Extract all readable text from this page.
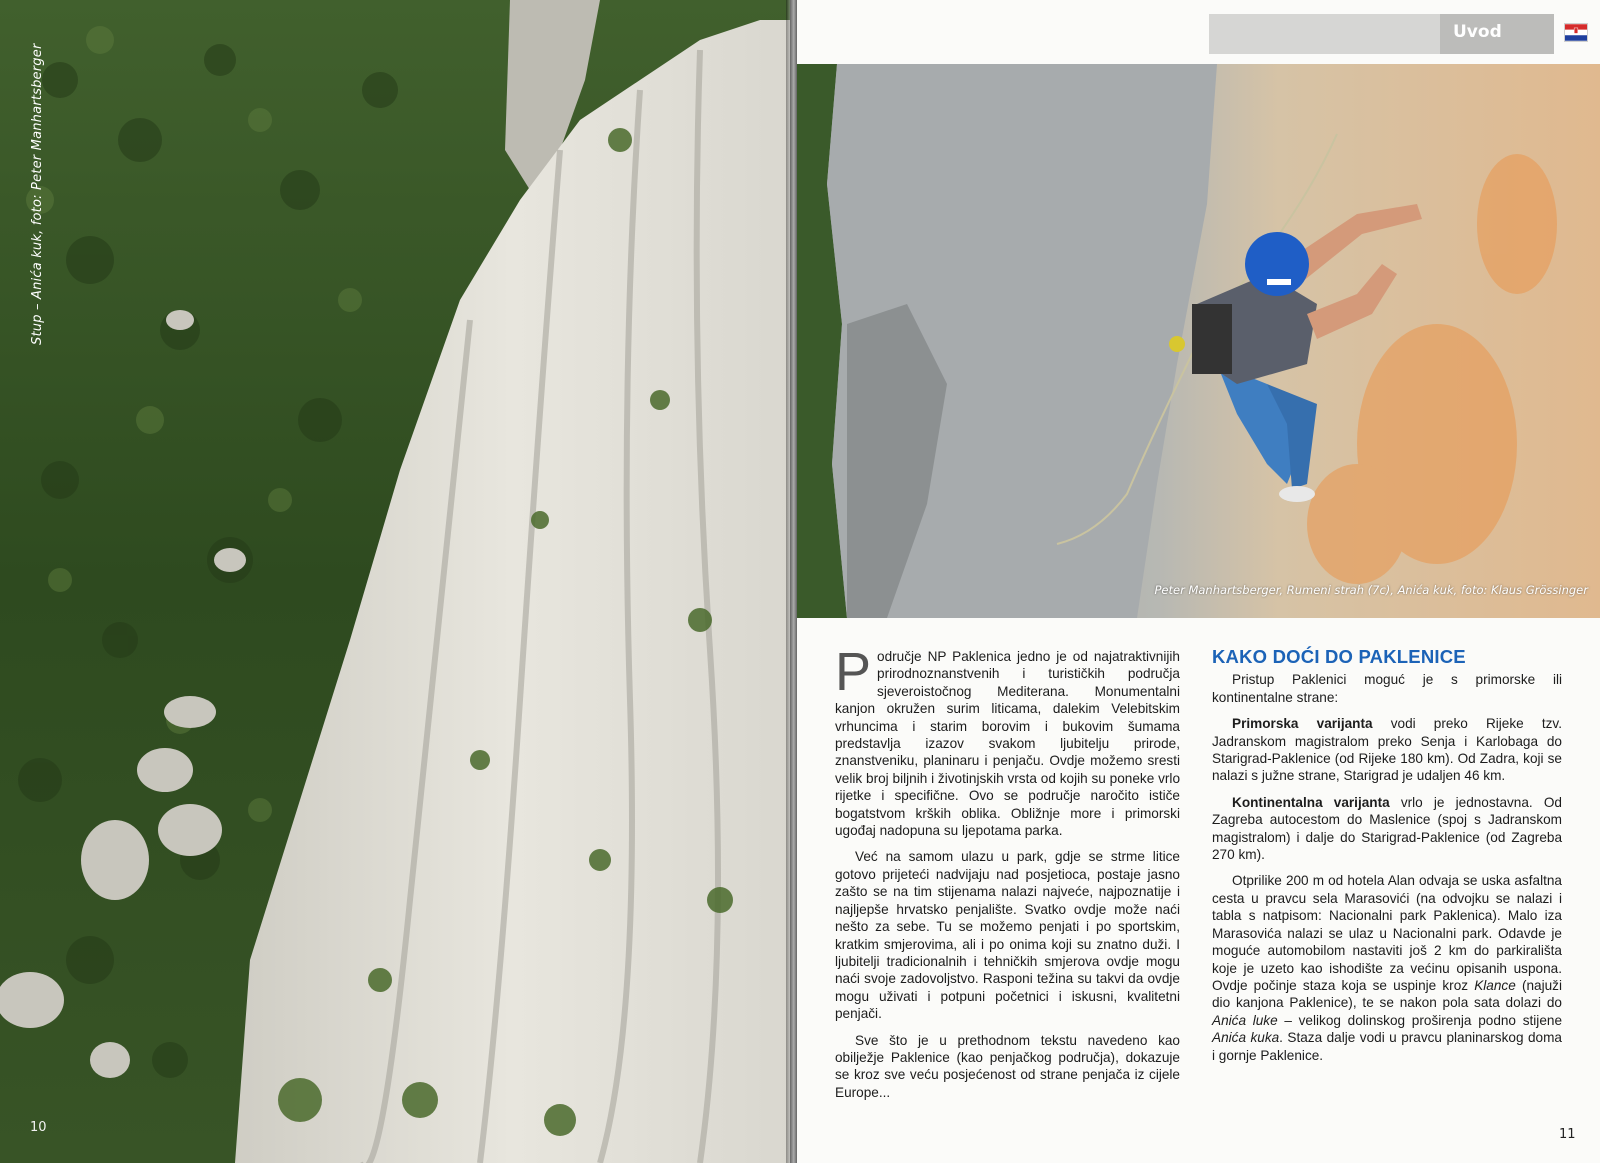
Stup – Anića kuk, foto: Peter Manhartsberger
10
Uvod
Peter Manhartsberger, Rumeni strah (7c), Anića kuk, foto: Klaus Grössinger

Područje NP Paklenica jedno je od najatraktivnijih prirodnoznanstvenih i turističkih područja sjeveroistočnog Mediterana. Monumentalni kanjon okružen surim liticama, dalekim Velebitskim vrhuncima i starim borovim i bukovim šumama predstavlja izazov svakom ljubitelju prirode, znanstveniku, planinaru i penjaču. Ovdje možemo sresti velik broj biljnih i životinjskih vrsta od kojih su poneke vrlo rijetke i specifične. Ovo se područje naročito ističe bogatstvom krških oblika. Obližnje more i primorski ugođaj nadopuna su ljepotama parka.

Već na samom ulazu u park, gdje se strme litice gotovo prijeteći nadvijaju nad posjetioca, postaje jasno zašto se na tim stijenama nalazi najveće, najpoznatije i najljepše hrvatsko penjalište. Svatko ovdje može naći nešto za sebe. Tu se možemo penjati i po sportskim, kratkim smjerovima, ali i po onima koji su znatno duži. I ljubitelji tradicionalnih i tehničkih smjerova ovdje mogu naći svoje zadovoljstvo. Rasponi težina su takvi da ovdje mogu uživati i potpuni početnici i iskusni, kvalitetni penjači.

Sve što je u prethodnom tekstu navedeno kao obilježje Paklenice (kao penjačkog područja), dokazuje se kroz sve veću posjećenost od strane penjača iz cijele Europe...

KAKO DOĆI DO PAKLENICE

Pristup Paklenici moguć je s primorske ili kontinentalne strane:

Primorska varijanta vodi preko Rijeke tzv. Jadranskom magistralom preko Senja i Karlobaga do Starigrad-Paklenice (od Rijeke 180 km). Od Zadra, koji se nalazi s južne strane, Starigrad je udaljen 46 km.

Kontinentalna varijanta vrlo je jednostavna. Od Zagreba autocestom do Maslenice (spoj s Jadranskom magistralom) i dalje do Starigrad-Paklenice (od Zagreba 270 km).

Otprilike 200 m od hotela Alan odvaja se uska asfaltna cesta u pravcu sela Marasovići (na odvojku se nalazi i tabla s natpisom: Nacionalni park Paklenica). Malo iza Marasovića nalazi se ulaz u Nacionalni park. Odavde je moguće automobilom nastaviti još 2 km do parkirališta koje je uzeto kao ishodište za većinu opisanih uspona. Ovdje počinje staza koja se uspinje kroz Klance (najuži dio kanjona Paklenice), te se nakon pola sata dolazi do Anića luke – velikog dolinskog proširenja podno stijene Anića kuka. Staza dalje vodi u pravcu planinarskog doma i gornje Paklenice.

11
